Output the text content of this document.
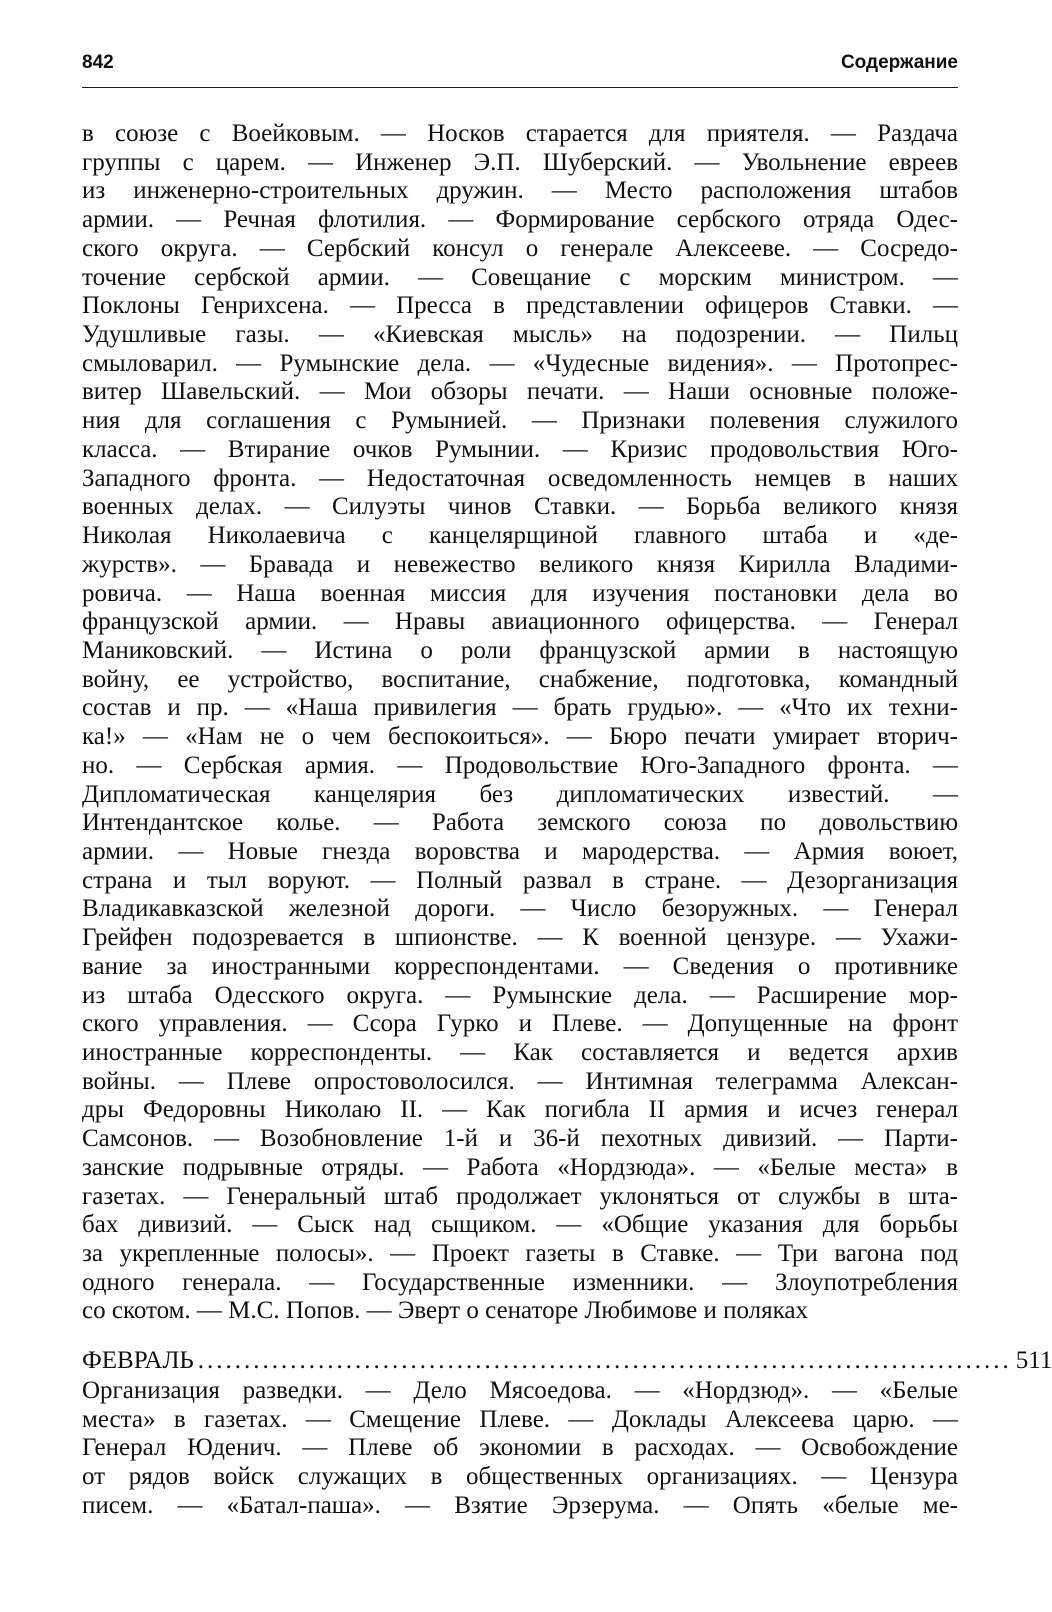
842	Содержание
в союзе с Воейковым. — Носков старается для приятеля. — Раздача
группы с царем. — Инженер Э.П. Шуберский. — Увольнение евреев
из инженерно-строительных дружин. — Место расположения штабов
армии. — Речная флотилия. — Формирование сербского отряда Одес-
ского округа. — Сербский консул о генерале Алексееве. — Сосредо-
точение сербской армии. — Совещание с морским министром. —
Поклоны Генрихсена. — Пресса в представлении офицеров Ставки. —
Удушливые газы. — «Киевская мысль» на подозрении. — Пильц
смыловарил. — Румынские дела. — «Чудесные видения». — Протопрес-
витер Шавельский. — Мои обзоры печати. — Наши основные положе-
ния для соглашения с Румынией. — Признаки полевения служилого
класса. — Втирание очков Румынии. — Кризис продовольствия Юго-
Западного фронта. — Недостаточная осведомленность немцев в наших
военных делах. — Силуэты чинов Ставки. — Борьба великого князя
Николая Николаевича с канцелярщиной главного штаба и «де-
журств». — Бравада и невежество великого князя Кирилла Владими-
ровича. — Наша военная миссия для изучения постановки дела во
французской армии. — Нравы авиационного офицерства. — Генерал
Маниковский. — Истина о роли французской армии в настоящую
войну, ее устройство, воспитание, снабжение, подготовка, командный
состав и пр. — «Наша привилегия — брать грудью». — «Что их техни-
ка!» — «Нам не о чем беспокоиться». — Бюро печати умирает вторич-
но. — Сербская армия. — Продовольствие Юго-Западного фронта. —
Дипломатическая канцелярия без дипломатических известий. —
Интендантское колье. — Работа земского союза по довольствию
армии. — Новые гнезда воровства и мародерства. — Армия воюет,
страна и тыл воруют. — Полный развал в стране. — Дезорганизация
Владикавказской железной дороги. — Число безоружных. — Генерал
Грейфен подозревается в шпионстве. — К военной цензуре. — Ухажи-
вание за иностранными корреспондентами. — Сведения о противнике
из штаба Одесского округа. — Румынские дела. — Расширение мор-
ского управления. — Ссора Гурко и Плеве. — Допущенные на фронт
иностранные корреспонденты. — Как составляется и ведется архив
войны. — Плеве опростоволосился. — Интимная телеграмма Алексан-
дры Федоровны Николаю II. — Как погибла II армия и исчез генерал
Самсонов. — Возобновление 1-й и 36-й пехотных дивизий. — Парти-
занские подрывные отряды. — Работа «Нордзюда». — «Белые места» в
газетах. — Генеральный штаб продолжает уклоняться от службы в шта-
бах дивизий. — Сыск над сыщиком. — «Общие указания для борьбы
за укрепленные полосы». — Проект газеты в Ставке. — Три вагона под
одного генерала. — Государственные изменники. — Злоупотребления
со скотом. — М.С. Попов. — Эверт о сенаторе Любимове и поляках
ФЕВРАЛЬ ........................................................................................ 511
Организация разведки. — Дело Мясоедова. — «Нордзюд». — «Белые
места» в газетах. — Смещение Плеве. — Доклады Алексеева царю. —
Генерал Юденич. — Плеве об экономии в расходах. — Освобождение
от рядов войск служащих в общественных организациях. — Цензура
писем. — «Батал-паша». — Взятие Эрзерума. — Опять «белые ме-
